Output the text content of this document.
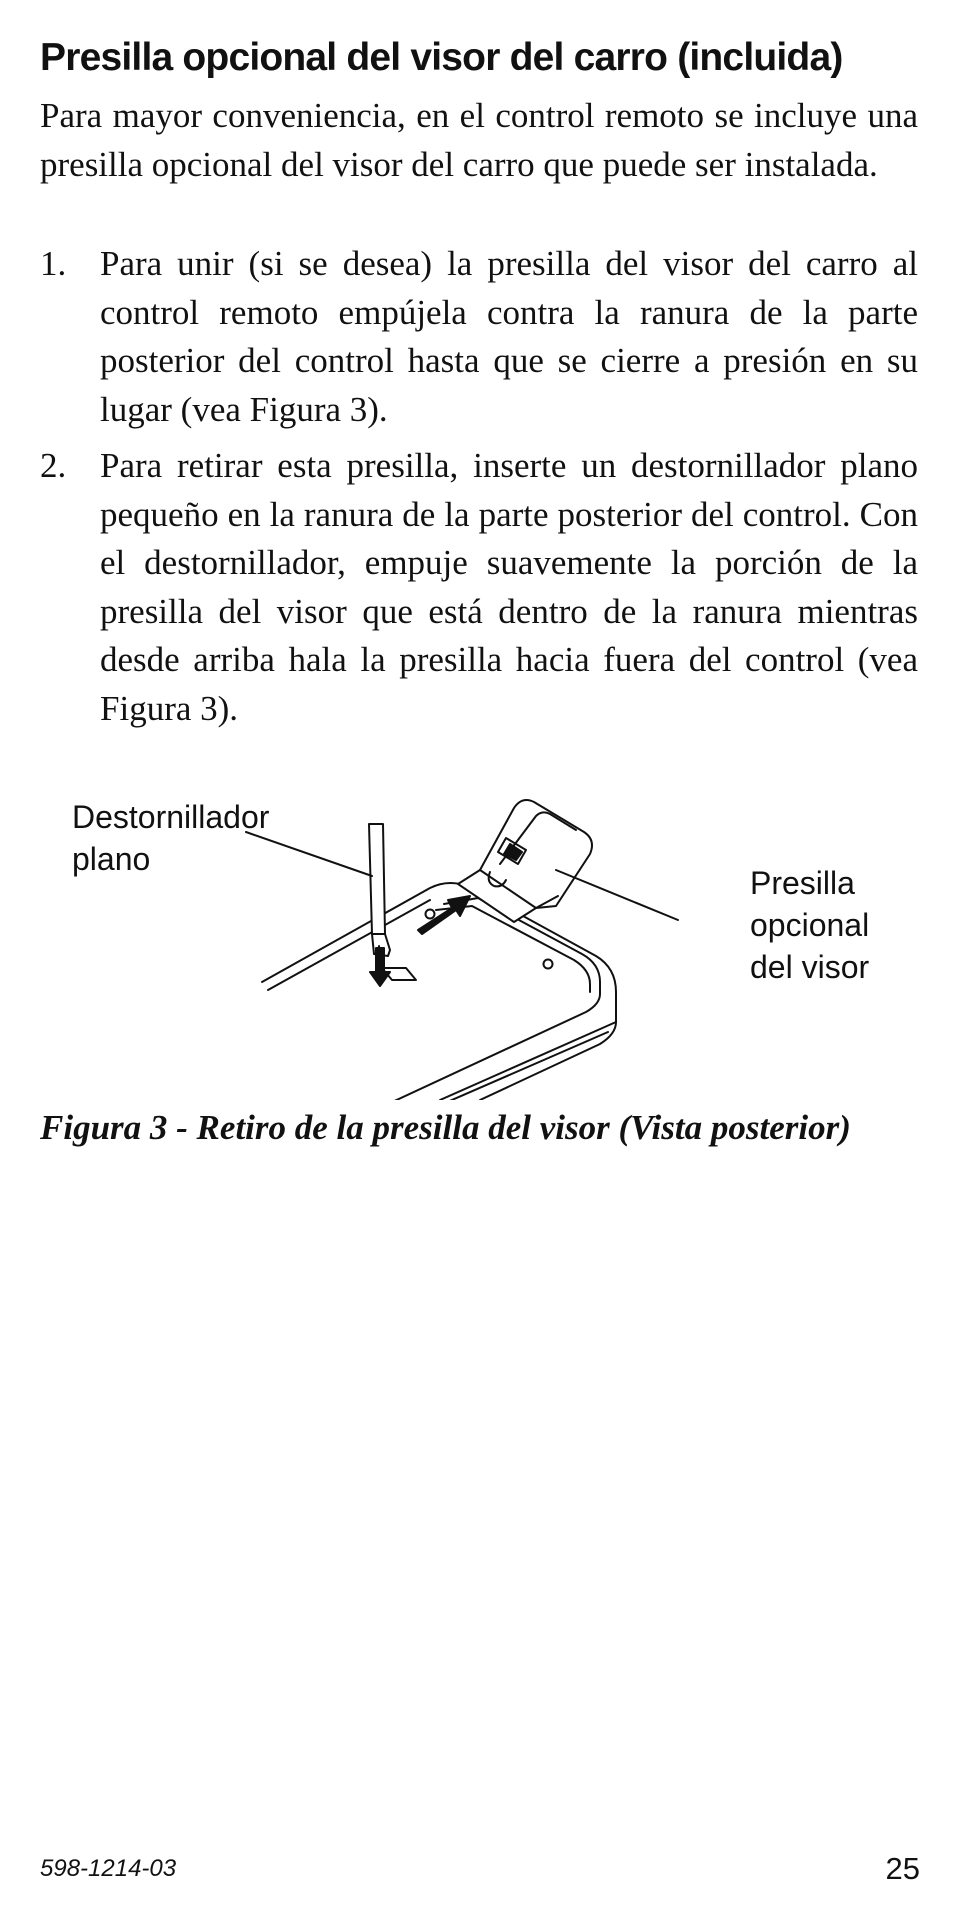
Presilla opcional del visor del carro (incluida)

Para mayor conveniencia, en el control remoto se incluye una presilla opcional del visor del carro que puede ser instalada.

1. Para unir (si se desea) la presilla del visor del carro al control remoto empújela contra la ranura de la parte posterior del control hasta que se cierre a presión en su lugar (vea Figura 3).
2. Para retirar esta presilla, inserte un destornillador plano pequeño en la ranura de la parte posterior del control. Con el destornillador, empuje suavemente la porción de la presilla del visor que está dentro de la ranura mientras desde arriba hala la presilla hacia fuera del control (vea Figura 3).
Destornillador
plano
Presilla
opcional
del visor

Figura 3 - Retiro de la presilla del visor (Vista posterior)

598-1214-03	25
